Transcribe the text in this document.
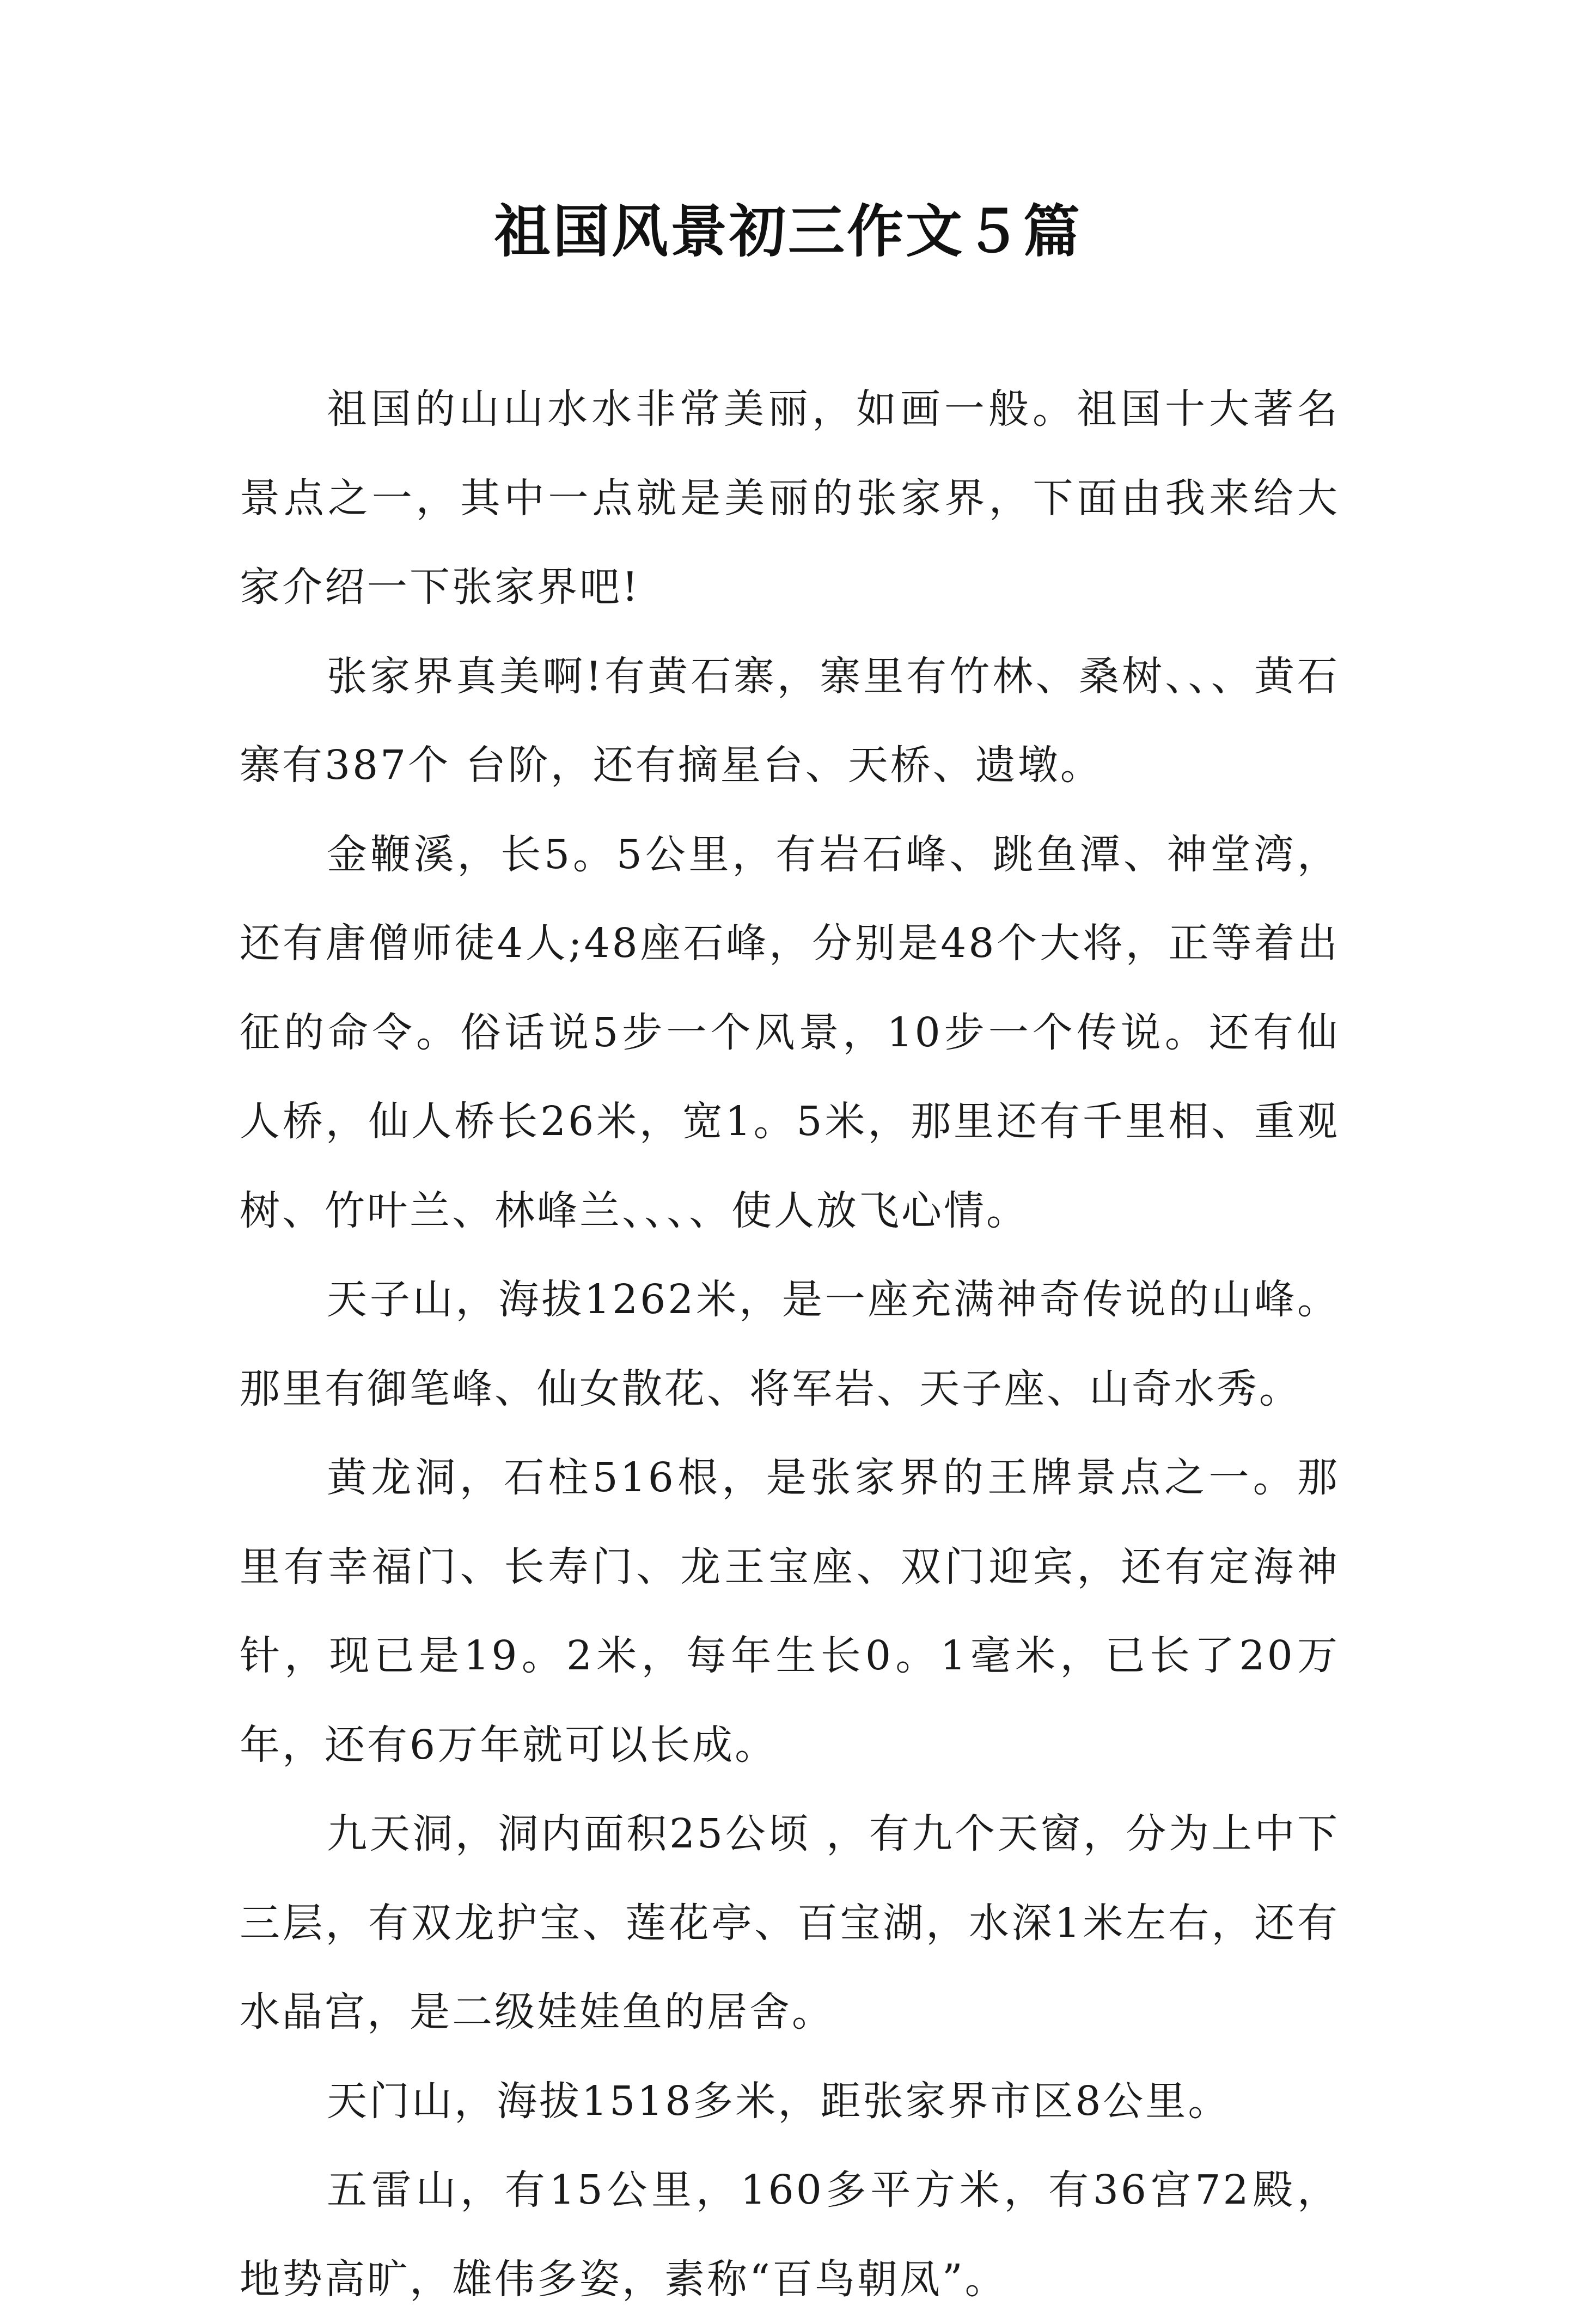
祖国风景初三作文５篇

祖国的山山水水非常美丽，如画一般。祖国十大著名景点之一，其中一点就是美丽的张家界，下面由我来给大家介绍一下张家界吧!

张家界真美啊!有黄石寨，寨里有竹林、桑树、、、黄石寨有387个 台阶，还有摘星台、天桥、遗墩。

金鞭溪，长5。5公里，有岩石峰、跳鱼潭、神堂湾，还有唐僧师徒4人;48座石峰，分别是48个大将，正等着出征的命令。俗话说5步一个风景，10步一个传说。还有仙人桥，仙人桥长26米，宽1。5米，那里还有千里相、重观树、竹叶兰、林峰兰、、、、使人放飞心情。

天子山，海拔1262米，是一座充满神奇传说的山峰。那里有御笔峰、仙女散花、将军岩、天子座、山奇水秀。

黄龙洞，石柱516根，是张家界的王牌景点之一。那里有幸福门、长寿门、龙王宝座、双门迎宾，还有定海神针，现已是19。2米，每年生长0。1毫米，已长了20万年，还有6万年就可以长成。

九天洞，洞内面积25公顷 ，有九个天窗，分为上中下三层，有双龙护宝、莲花亭、百宝湖，水深1米左右，还有水晶宫，是二级娃娃鱼的居舍。

天门山，海拔1518多米，距张家界市区8公里。

五雷山，有15公里，160多平方米，有36宫72殿，地势高旷，雄伟多姿，素称“百鸟朝凤”。
